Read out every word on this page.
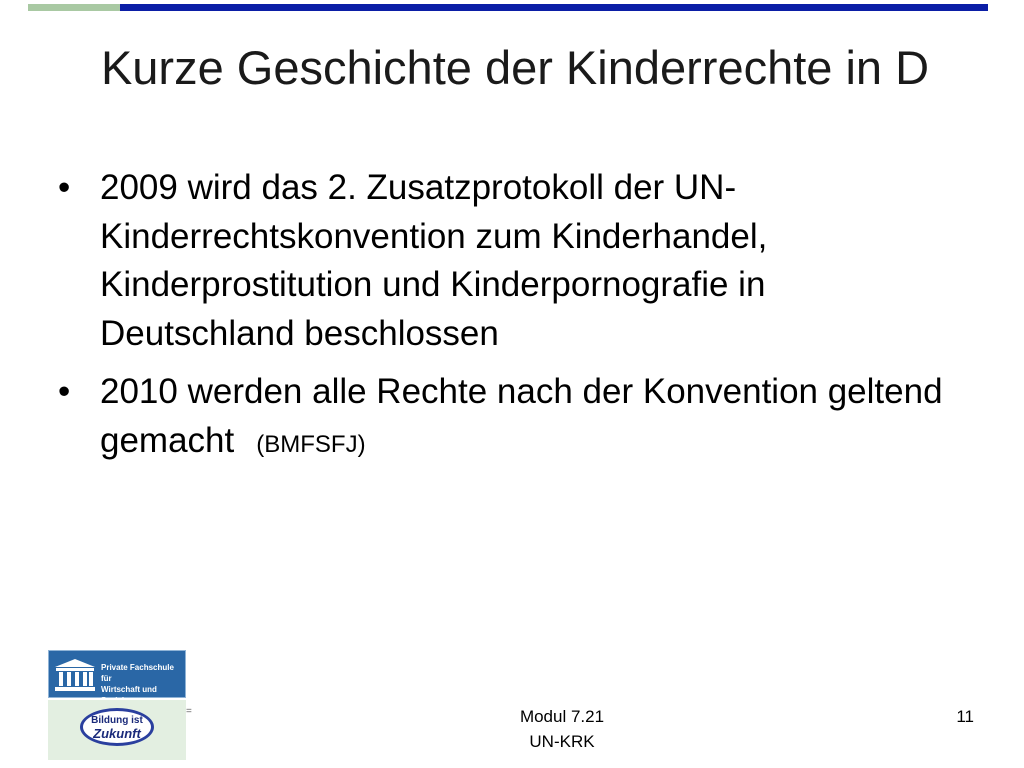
Kurze Geschichte der Kinderrechte in D
• 2009 wird das 2. Zusatzprotokoll der UN-Kinderrechtskonvention zum Kinderhandel, Kinderprostitution und Kinderpornografie in Deutschland beschlossen
• 2010 werden alle Rechte nach der Konvention geltend gemacht (BMFSFJ)
Private Fachschule für
Wirtschaft und
Bildung ist
Zukunft
=	Modul 7.21
UN-KRK
11
